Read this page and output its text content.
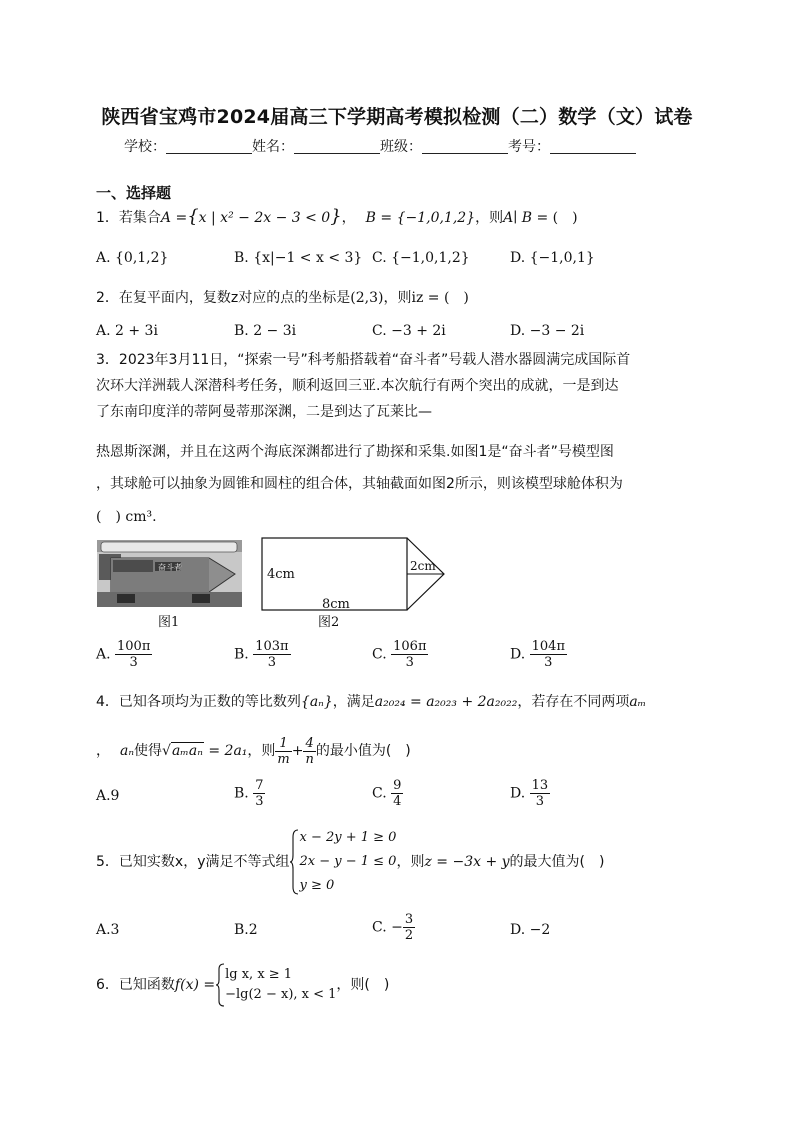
陕西省宝鸡市2024届高三下学期高考模拟检测（二）数学（文）试卷
学校：	姓名：	班级：	考号：
一、选择题
1．若集合A ={x | x² − 2x − 3 < 0}， B = {−1,0,1,2}，则A∣ B = (　)
A. {0,1,2}	B. {x|−1 < x < 3} C. {−1,0,1,2}	D. {−1,0,1}
2．在复平面内，复数z对应的点的坐标是(2,3)，则iz = (　)
A. 2 + 3i	B. 2 − 3i	C. −3 + 2i	D. −3 − 2i
3．2023年3月11日，“探索一号”科考船搭载着“奋斗者”号载人潜水器圆满完成国际首
次环大洋洲载人深潜科考任务，顺利返回三亚.本次航行有两个突出的成就，一是到达
了东南印度洋的蒂阿曼蒂那深渊，二是到达了瓦莱比—
热恩斯深渊，并且在这两个海底深渊都进行了勘探和采集.如图1是“奋斗者”号模型图
，其球舱可以抽象为圆锥和圆柱的组合体，其轴截面如图2所示，则该模型球舱体积为
(　) cm³.
奋斗者
图1
4cm
8cm
2cm
图2
A. $\frac{100\pi}{3}$	B. $\frac{103\pi}{3}$	C. $\frac{106\pi}{3}$	D. $\frac{104\pi}{3}$
4．已知各项均为正数的等比数列{aₙ}，满足a₂₀₂₄ = a₂₀₂₃ + 2a₂₀₂₂，若存在不同两项aₘ
， aₙ使得√aₘaₙ = 2a₁，则 $\frac{1}{m} + \frac{4}{n}$ 的最小值为(　)
A.9	B. $\frac{7}{3}$	C. $\frac{9}{4}$	D. $\frac{13}{3}$
5．已知实数x，y满足不等式组
x − 2y + 1 ≥ 0
2x − y − 1 ≤ 0
y ≥ 0
，则z = −3x + y的最大值为(　)
A.3	B.2	C. − $\frac{3}{2}$	D. −2
6．已知函数f(x) =
lg x, x ≥ 1
−lg(2 − x), x < 1
，则(　)
